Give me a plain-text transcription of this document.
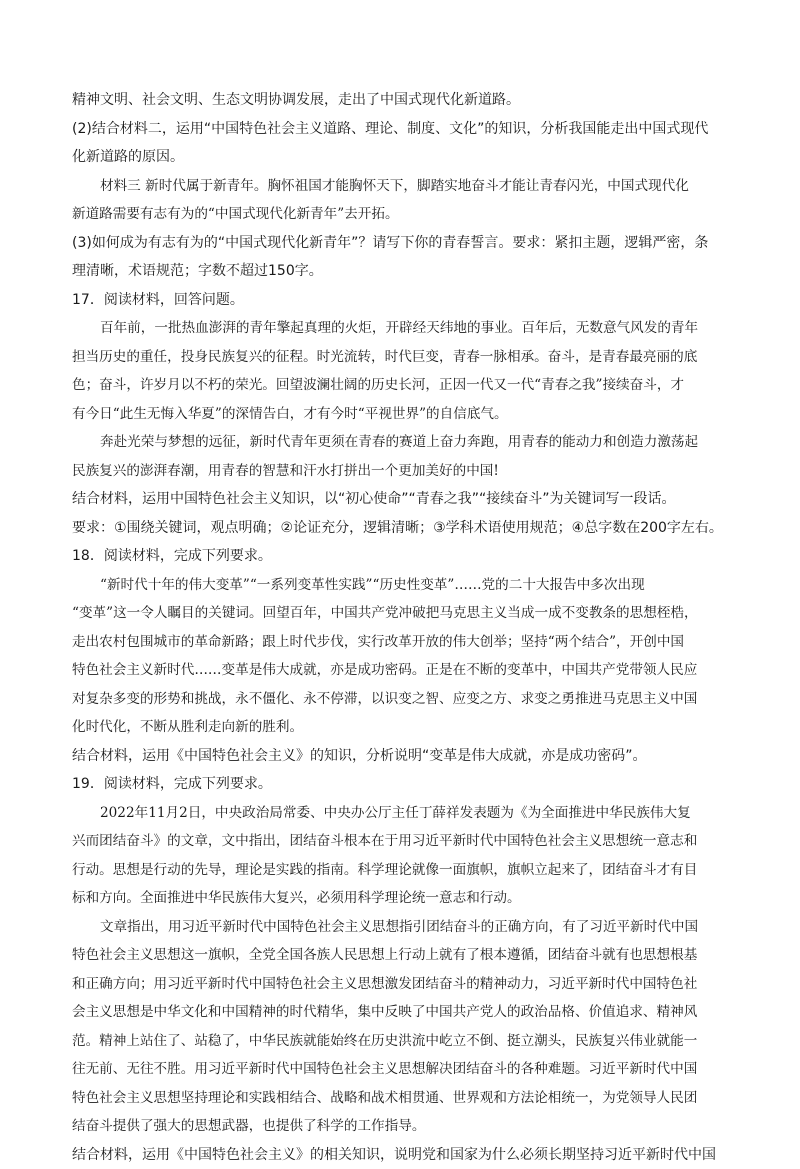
精神文明、社会文明、生态文明协调发展，走出了中国式现代化新道路。
(2)结合材料二，运用“中国特色社会主义道路、理论、制度、文化”的知识，分析我国能走出中国式现代
化新道路的原因。
材料三 新时代属于新青年。胸怀祖国才能胸怀天下，脚踏实地奋斗才能让青春闪光，中国式现代化
新道路需要有志有为的“中国式现代化新青年”去开拓。
(3)如何成为有志有为的“中国式现代化新青年”？请写下你的青春誓言。要求：紧扣主题，逻辑严密，条
理清晰，术语规范；字数不超过150字。
17．阅读材料，回答问题。
百年前，一批热血澎湃的青年擎起真理的火炬，开辟经天纬地的事业。百年后，无数意气风发的青年
担当历史的重任，投身民族复兴的征程。时光流转，时代巨变，青春一脉相承。奋斗，是青春最亮丽的底
色；奋斗，许岁月以不朽的荣光。回望波澜壮阔的历史长河，正因一代又一代“青春之我”接续奋斗，才
有今日“此生无悔入华夏”的深情告白，才有今时“平视世界”的自信底气。
奔赴光荣与梦想的远征，新时代青年更须在青春的赛道上奋力奔跑，用青春的能动力和创造力激荡起
民族复兴的澎湃春潮，用青春的智慧和汗水打拼出一个更加美好的中国!
结合材料，运用中国特色社会主义知识，以“初心使命”“青春之我”“接续奋斗”为关键词写一段话。
要求：①围绕关键词，观点明确；②论证充分，逻辑清晰；③学科术语使用规范；④总字数在200字左右。
18．阅读材料，完成下列要求。
“新时代十年的伟大变革”“一系列变革性实践”“历史性变革”……党的二十大报告中多次出现
“变革”这一令人瞩目的关键词。回望百年，中国共产党冲破把马克思主义当成一成不变教条的思想桎梏，
走出农村包围城市的革命新路；跟上时代步伐，实行改革开放的伟大创举；坚持“两个结合”，开创中国
特色社会主义新时代……变革是伟大成就，亦是成功密码。正是在不断的变革中，中国共产党带领人民应
对复杂多变的形势和挑战，永不僵化、永不停滞，以识变之智、应变之方、求变之勇推进马克思主义中国
化时代化，不断从胜利走向新的胜利。
结合材料，运用《中国特色社会主义》的知识，分析说明“变革是伟大成就，亦是成功密码”。
19．阅读材料，完成下列要求。
2022年11月2日，中央政治局常委、中央办公厅主任丁薛祥发表题为《为全面推进中华民族伟大复
兴而团结奋斗》的文章，文中指出，团结奋斗根本在于用习近平新时代中国特色社会主义思想统一意志和
行动。思想是行动的先导，理论是实践的指南。科学理论就像一面旗帜，旗帜立起来了，团结奋斗才有目
标和方向。全面推进中华民族伟大复兴，必须用科学理论统一意志和行动。
文章指出，用习近平新时代中国特色社会主义思想指引团结奋斗的正确方向，有了习近平新时代中国
特色社会主义思想这一旗帜，全党全国各族人民思想上行动上就有了根本遵循，团结奋斗就有也思想根基
和正确方向；用习近平新时代中国特色社会主义思想激发团结奋斗的精神动力，习近平新时代中国特色社
会主义思想是中华文化和中国精神的时代精华，集中反映了中国共产党人的政治品格、价值追求、精神风
范。精神上站住了、站稳了，中华民族就能始终在历史洪流中屹立不倒、挺立潮头，民族复兴伟业就能一
往无前、无往不胜。用习近平新时代中国特色社会主义思想解决团结奋斗的各种难题。习近平新时代中国
特色社会主义思想坚持理论和实践相结合、战略和战术相贯通、世界观和方法论相统一，为党领导人民团
结奋斗提供了强大的思想武器，也提供了科学的工作指导。
结合材料，运用《中国特色社会主义》的相关知识，说明党和国家为什么必须长期坚持习近平新时代中国
